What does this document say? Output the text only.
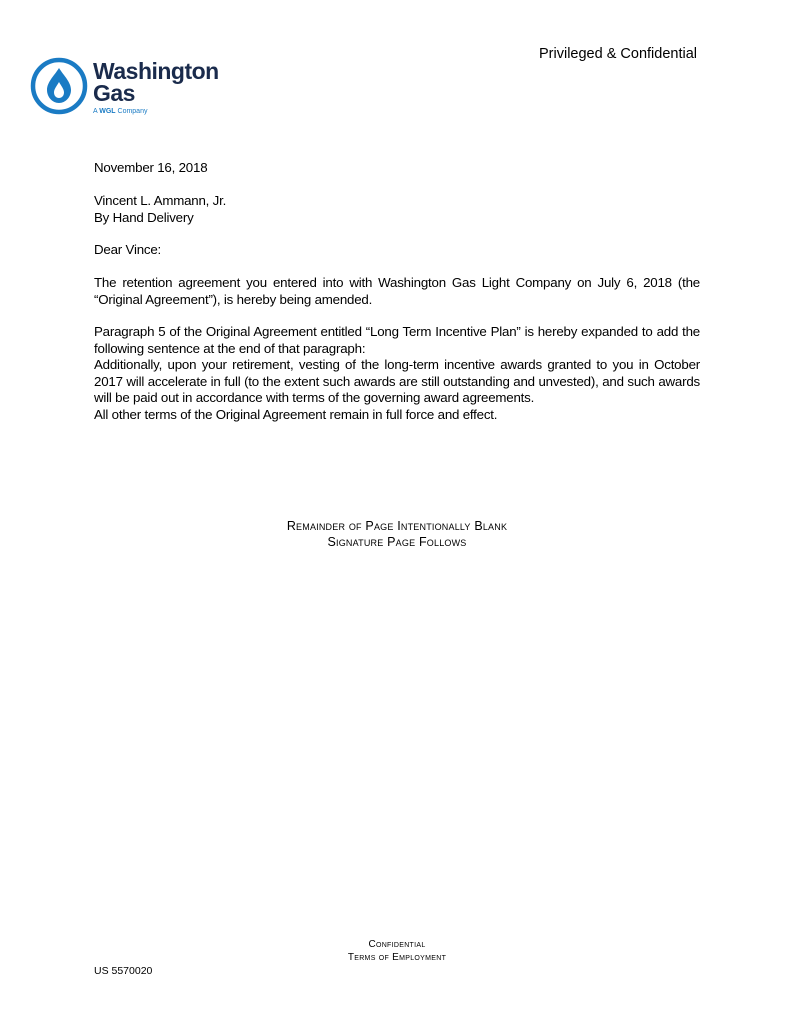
Privileged & Confidential
Washington
Gas
A WGL Company
November 16, 2018
Vincent L. Ammann, Jr.
By Hand Delivery
Dear Vince:
The retention agreement you entered into with Washington Gas Light Company on July 6, 2018 (the “Original Agreement”), is hereby being amended.
Paragraph 5 of the Original Agreement entitled “Long Term Incentive Plan” is hereby expanded to add the following sentence at the end of that paragraph:
Additionally, upon your retirement, vesting of the long-term incentive awards granted to you in October 2017 will accelerate in full (to the extent such awards are still outstanding and unvested), and such awards will be paid out in accordance with terms of the governing award agreements.
All other terms of the Original Agreement remain in full force and effect.
Remainder of Page Intentionally Blank
Signature Page Follows
Confidential
Terms of Employment
US 5570020
